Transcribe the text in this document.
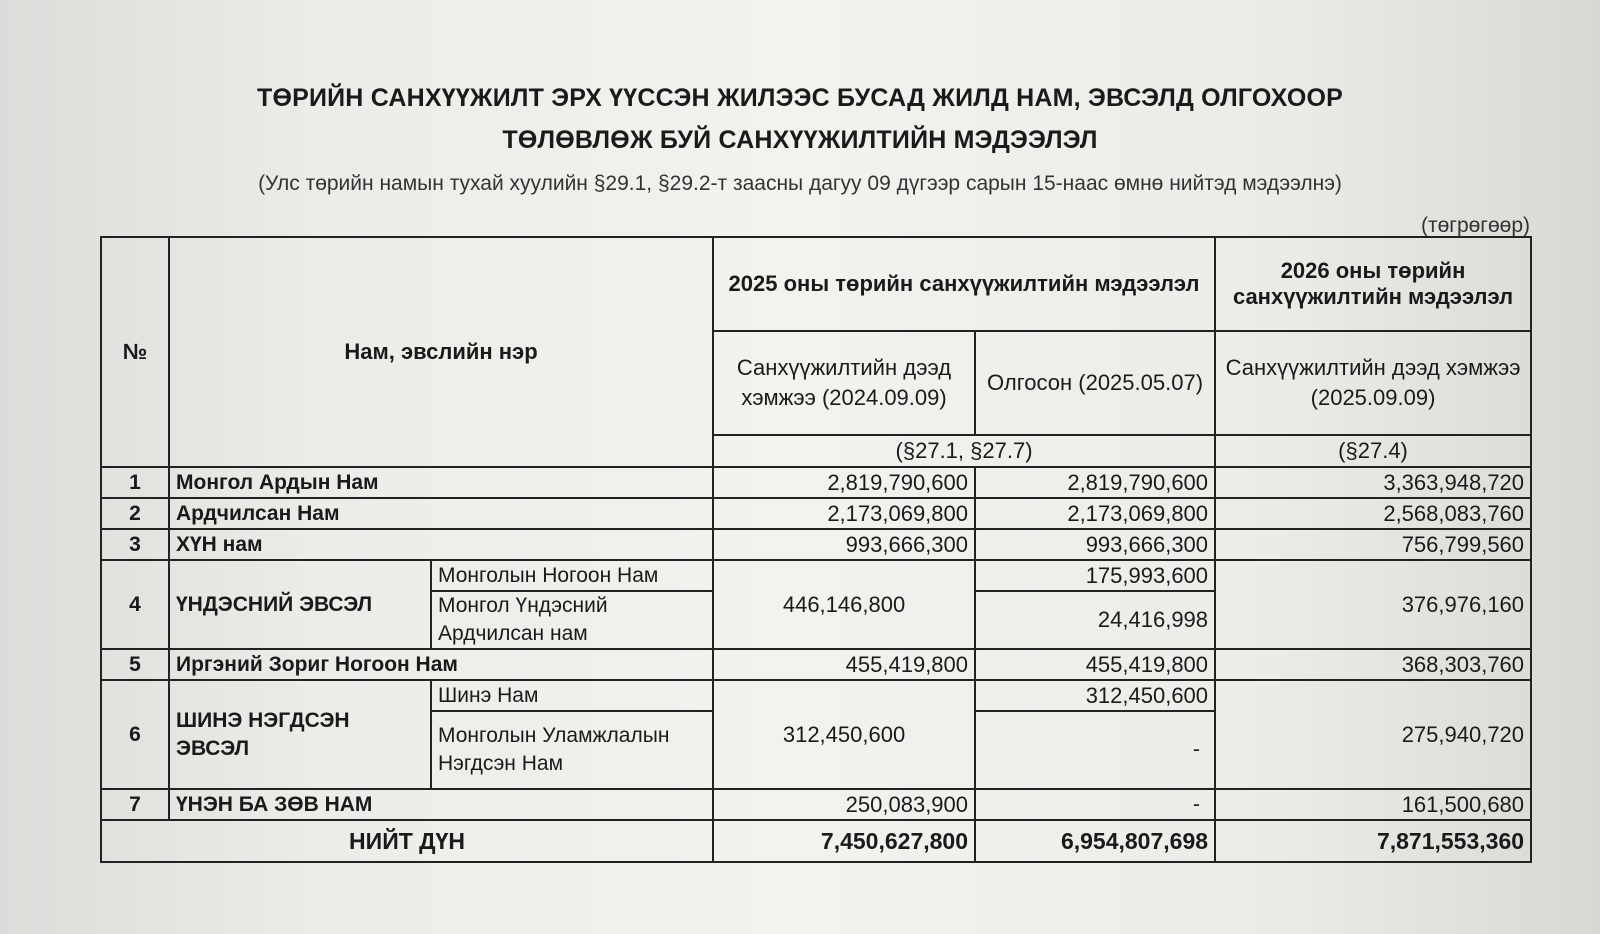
ТӨРИЙН САНХҮҮЖИЛТ ЭРХ ҮҮССЭН ЖИЛЭЭС БУСАД ЖИЛД НАМ, ЭВСЭЛД ОЛГОХООР
ТӨЛӨВЛӨЖ БУЙ САНХҮҮЖИЛТИЙН МЭДЭЭЛЭЛ
(Улс төрийн намын тухай хуулийн §29.1, §29.2-т заасны дагуу 09 дүгээр сарын 15-наас өмнө нийтэд мэдээлнэ)
(төгрөгөөр)
№	Нам, эвслийн нэр		2025 оны төрийн санхүүжилтийн мэдээлэл		2026 оны төрийн санхүүжилтийн мэдээлэл
			Санхүүжилтийн дээд хэмжээ (2024.09.09)	Олгосон (2025.05.07)	Санхүүжилтийн дээд хэмжээ (2025.09.09)
			(§27.1, §27.7)		(§27.4)
1	Монгол Ардын Нам		2,819,790,600	2,819,790,600	3,363,948,720
2	Ардчилсан Нам		2,173,069,800	2,173,069,800	2,568,083,760
3	ХҮН нам		993,666,300	993,666,300	756,799,560
4	ҮНДЭСНИЙ ЭВСЭЛ	Монголын Ногоон Нам	446,146,800	175,993,600	376,976,160
		Монгол Үндэсний Ардчилсан нам		24,416,998	
5	Иргэний Зориг Ногоон Нам		455,419,800	455,419,800	368,303,760
6	ШИНЭ НЭГДСЭН ЭВСЭЛ	Шинэ Нам	312,450,600	312,450,600	275,940,720
		Монголын Уламжлалын Нэгдсэн Нам		-	
7	ҮНЭН БА ЗӨВ НАМ		250,083,900	-	161,500,680
НИЙТ ДҮН			7,450,627,800	6,954,807,698	7,871,553,360
